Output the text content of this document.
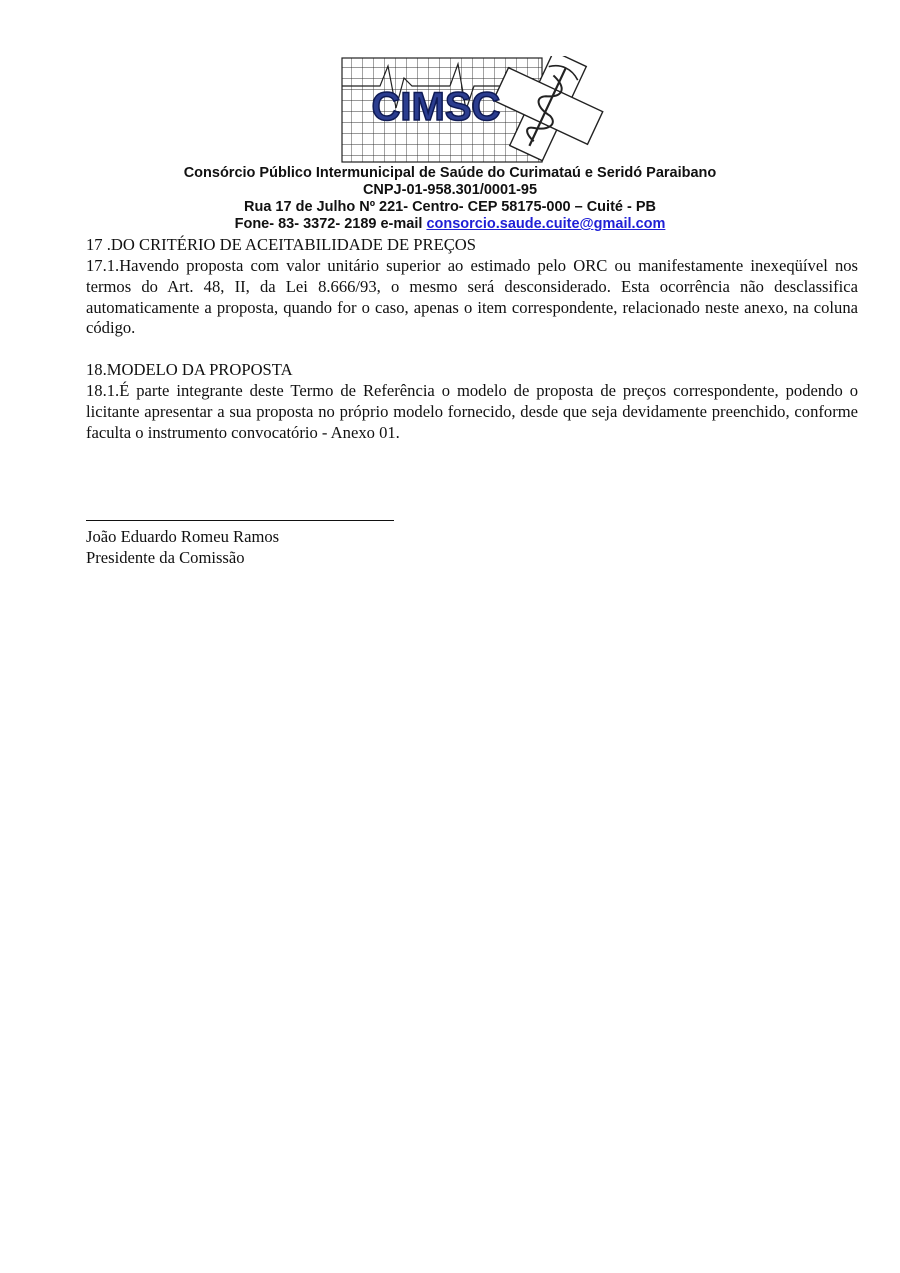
CIMSC
Consórcio Público Intermunicipal de Saúde do Curimataú e Seridó Paraibano
CNPJ-01-958.301/0001-95
Rua 17 de Julho Nº 221- Centro- CEP 58175-000 – Cuité - PB
Fone- 83- 3372- 2189 e-mail consorcio.saude.cuite@gmail.com
17 .DO CRITÉRIO DE ACEITABILIDADE DE PREÇOS

17.1.Havendo proposta com valor unitário superior ao estimado pelo ORC ou manifestamente inexeqüível nos termos do Art. 48, II, da Lei 8.666/93, o mesmo será desconsiderado. Esta ocorrência não desclassifica automaticamente a proposta, quando for o caso, apenas o item correspondente, relacionado neste anexo, na coluna código.

18.MODELO DA PROPOSTA

18.1.É parte integrante deste Termo de Referência o modelo de proposta de preços correspondente, podendo o licitante apresentar a sua proposta no próprio modelo fornecido, desde que seja devidamente preenchido, conforme faculta o instrumento convocatório - Anexo 01.

João Eduardo Romeu Ramos
Presidente da Comissão
